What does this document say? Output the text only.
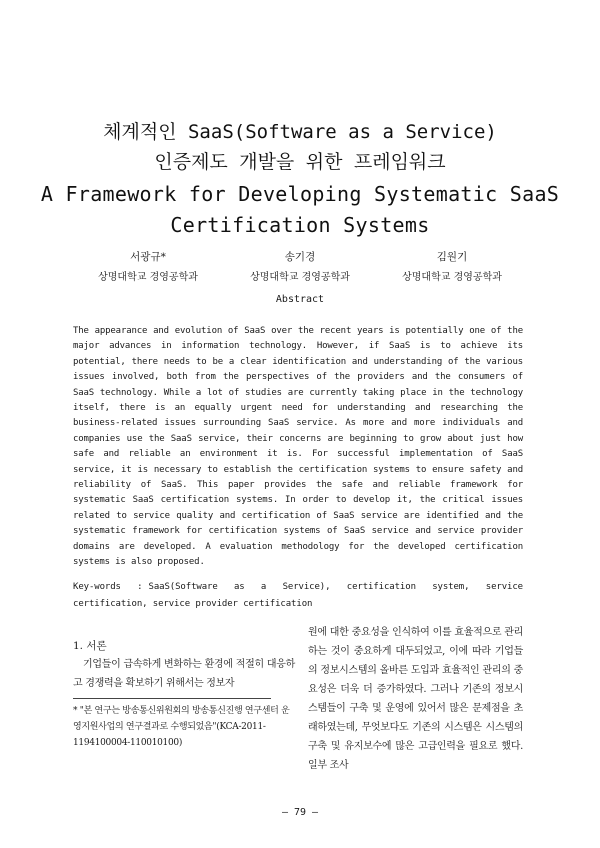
체계적인 SaaS(Software as a Service)
인증제도 개발을 위한 프레임워크
A Framework for Developing Systematic SaaS
Certification Systems
서광규*	송기경	김원기
상명대학교 경영공학과	상명대학교 경영공학과	상명대학교 경영공학과
Abstract

The appearance and evolution of SaaS over the recent years is potentially one of the major advances in information technology. However, if SaaS is to achieve its potential, there needs to be a clear identification and understanding of the various issues involved, both from the perspectives of the providers and the consumers of SaaS technology. While a lot of studies are currently taking place in the technology itself, there is an equally urgent need for understanding and researching the business-related issues surrounding SaaS service. As more and more individuals and companies use the SaaS service, their concerns are beginning to grow about just how safe and reliable an environment it is. For successful implementation of SaaS service, it is necessary to establish the certification systems to ensure safety and reliability of SaaS. This paper provides the safe and reliable framework for systematic SaaS certification systems. In order to develop it, the critical issues related to service quality and certification of SaaS service are identified and the systematic framework for certification systems of SaaS service and service provider domains are developed. A evaluation methodology for the developed certification systems is also proposed.

Key-words : SaaS(Software as a Service), certification system, service certification, service provider certification

1. 서론
기업들이 급속하게 변화하는 환경에 적절히 대응하고 경쟁력을 확보하기 위해서는 정보자
* "본 연구는 방송통신위원회의 방송통신진행 연구센터 운영지원사업의 연구결과로 수행되었음"(KCA-2011-1194100004-110010100)
원에 대한 중요성을 인식하여 이를 효율적으로 관리하는 것이 중요하게 대두되었고, 이에 따라 기업들의 정보시스템의 올바른 도입과 효율적인 관리의 중요성은 더욱 더 증가하였다. 그러나 기존의 정보시스템들이 구축 및 운영에 있어서 많은 문제점을 초래하였는데, 무엇보다도 기존의 시스템은 시스템의 구축 및 유지보수에 많은 고급인력을 필요로 했다. 일부 조사
– 79 –
